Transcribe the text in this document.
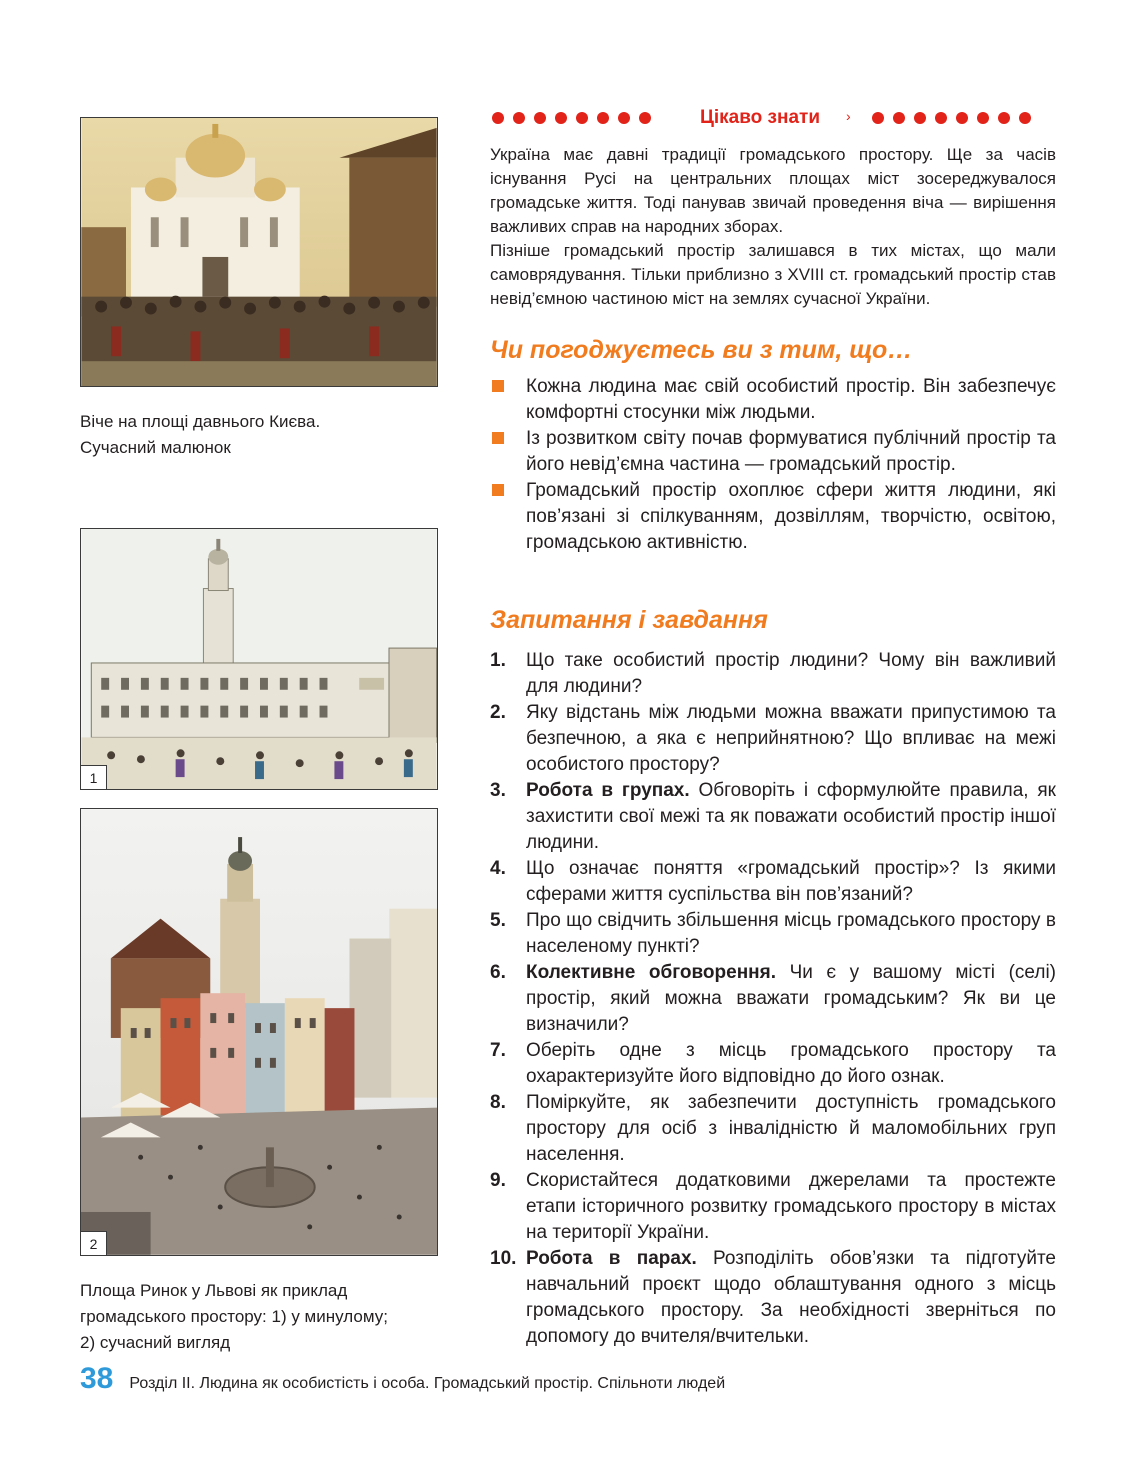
Віче на площі давнього Києва.
Сучасний малюнок
1
2
Площа Ринок у Львові як приклад
громадського простору: 1) у минулому;
2) сучасний вигляд
Цікаво знати ›

Україна має давні традиції громадського простору. Ще за часів існування Русі на центральних площах міст зосереджувалося громадське життя. Тоді панував звичай проведення віча — вирішення важливих справ на народних зборах.

Пізніше громадський простір залишався в тих містах, що мали самоврядування. Тільки приблизно з XVIII ст. громадський простір став невід’ємною частиною міст на землях сучасної України.

Чи погоджуєтесь ви з тим, що…
Кожна людина має свій особистий простір. Він забезпечує комфортні стосунки між людьми.
Із розвитком світу почав формуватися публічний простір та його невід’ємна частина — громадський простір.
Громадський простір охоплює сфери життя людини, які пов’язані зі спілкуванням, дозвіллям, творчістю, освітою, громадською активністю.
Запитання і завдання
1. Що таке особистий простір людини? Чому він важливий для людини?
2. Яку відстань між людьми можна вважати припустимою та безпечною, а яка є неприйнятною? Що впливає на межі особистого простору?
3. Робота в групах. Обговоріть і сформулюйте правила, як захистити свої межі та як поважати особистий простір іншої людини.
4. Що означає поняття «громадський простір»? Із якими сферами життя суспільства він пов’язаний?
5. Про що свідчить збільшення місць громадського простору в населеному пункті?
6. Колективне обговорення. Чи є у вашому місті (селі) простір, який можна вважати громадським? Як ви це визначили?
7. Оберіть одне з місць громадського простору та охарактеризуйте його відповідно до його ознак.
8. Поміркуйте, як забезпечити доступність громадського простору для осіб з інвалідністю й маломобільних груп населення.
9. Скористайтеся додатковими джерелами та простежте етапи історичного розвитку громадського простору в містах на території України.
10. Робота в парах. Розподіліть обов’язки та підготуйте навчальний проєкт щодо облаштування одного з місць громадського простору. За необхідності зверніться по допомогу до вчителя/вчительки.
38 Розділ II. Людина як особистість і особа. Громадський простір. Спільноти людей
